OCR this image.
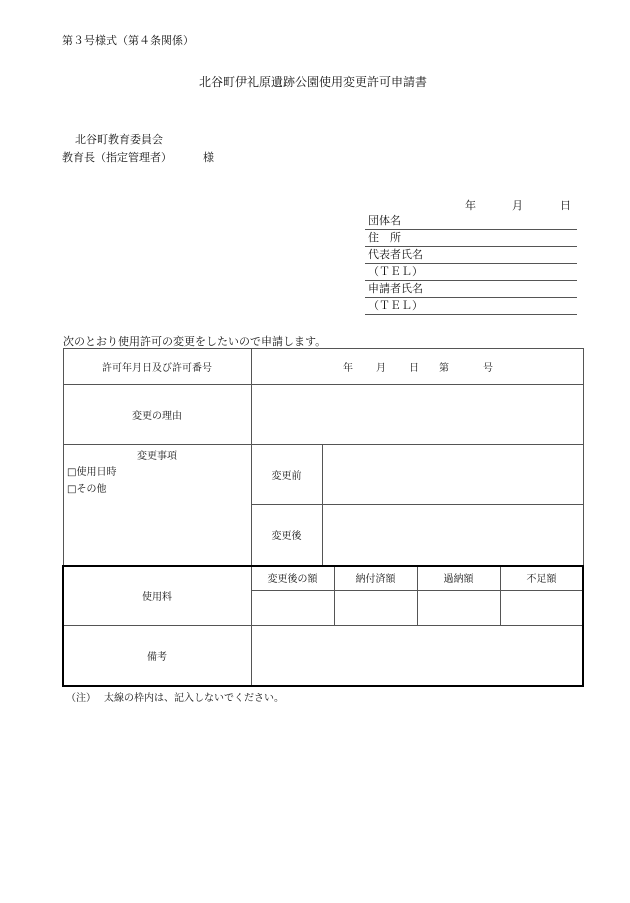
第３号様式（第４条関係）
北谷町伊礼原遺跡公園使用変更許可申請書
北谷町教育委員会
教育長（指定管理者）	様
年	月	日
団体名
住　所
代表者氏名
（ＴＥＬ）
申請者氏名
（ＴＥＬ）
次のとおり使用許可の変更をしたいので申請します。
許可年月日及び許可番号	年 月 日 第	号
変更の理由
変更事項
□使用日時
□その他
変更前
変更後
使用料
変更後の額	納付済額	過納額	不足額
備考
（注） 太線の枠内は、記入しないでください。
